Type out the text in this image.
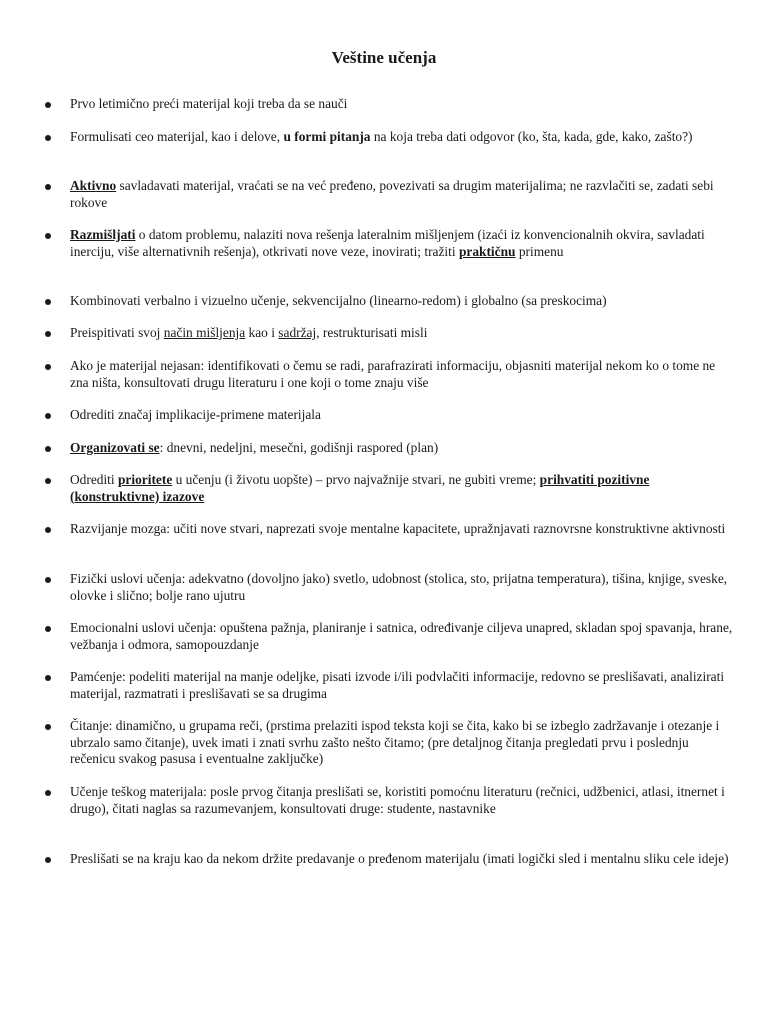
Veštine učenja
Prvo letimično preći materijal koji treba da se nauči
Formulisati ceo materijal, kao i delove, u formi pitanja na koja treba dati odgovor (ko, šta, kada, gde, kako, zašto?)
Aktivno savladavati materijal, vraćati se na već pređeno, povezivati sa drugim materijalima; ne razvlačiti se, zadati sebi rokove
Razmišljati o datom problemu, nalaziti nova rešenja lateralnim mišljenjem (izaći iz konvencionalnih okvira, savladati inerciju, više alternativnih rešenja), otkrivati nove veze, inovirati; tražiti praktičnu primenu
Kombinovati verbalno i vizuelno učenje, sekvencijalno (linearno-redom) i globalno (sa preskocima)
Preispitivati svoj način mišljenja kao i sadržaj, restrukturisati misli
Ako je materijal nejasan: identifikovati o čemu se radi, parafrazirati informaciju, objasniti materijal nekom ko o tome ne zna ništa, konsultovati drugu literaturu i one koji o tome znaju više
Odrediti značaj implikacije-primene materijala
Organizovati se: dnevni, nedeljni, mesečni, godišnji raspored (plan)
Odrediti prioritete u učenju (i životu uopšte) – prvo najvažnije stvari, ne gubiti vreme; prihvatiti pozitivne (konstruktivne) izazove
Razvijanje mozga: učiti nove stvari, naprezati svoje mentalne kapacitete, upražnjavati raznovrsne konstruktivne aktivnosti
Fizički uslovi učenja: adekvatno (dovoljno jako) svetlo, udobnost (stolica, sto, prijatna temperatura), tišina, knjige, sveske, olovke i slično; bolje rano ujutru
Emocionalni uslovi učenja: opuštena pažnja, planiranje i satnica, određivanje ciljeva unapred, skladan spoj spavanja, hrane, vežbanja i odmora, samopouzdanje
Pamćenje: podeliti materijal na manje odeljke, pisati izvode i/ili podvlačiti informacije, redovno se preslišavati, analizirati materijal, razmatrati i preslišavati se sa drugima
Čitanje: dinamično, u grupama reči, (prstima prelaziti ispod teksta koji se čita, kako bi se izbeglo zadržavanje i otezanje i ubrzalo samo čitanje), uvek imati i znati svrhu zašto nešto čitamo; (pre detaljnog čitanja pregledati prvu i poslednju rečenicu svakog pasusa i eventualne zaključke)
Učenje teškog materijala: posle prvog čitanja preslišati se, koristiti pomoćnu literaturu (rečnici, udžbenici, atlasi, itnernet i drugo), čitati naglas sa razumevanjem, konsultovati druge: studente, nastavnike
Preslišati se na kraju kao da nekom držite predavanje o pređenom materijalu (imati logički sled i mentalnu sliku cele ideje)
